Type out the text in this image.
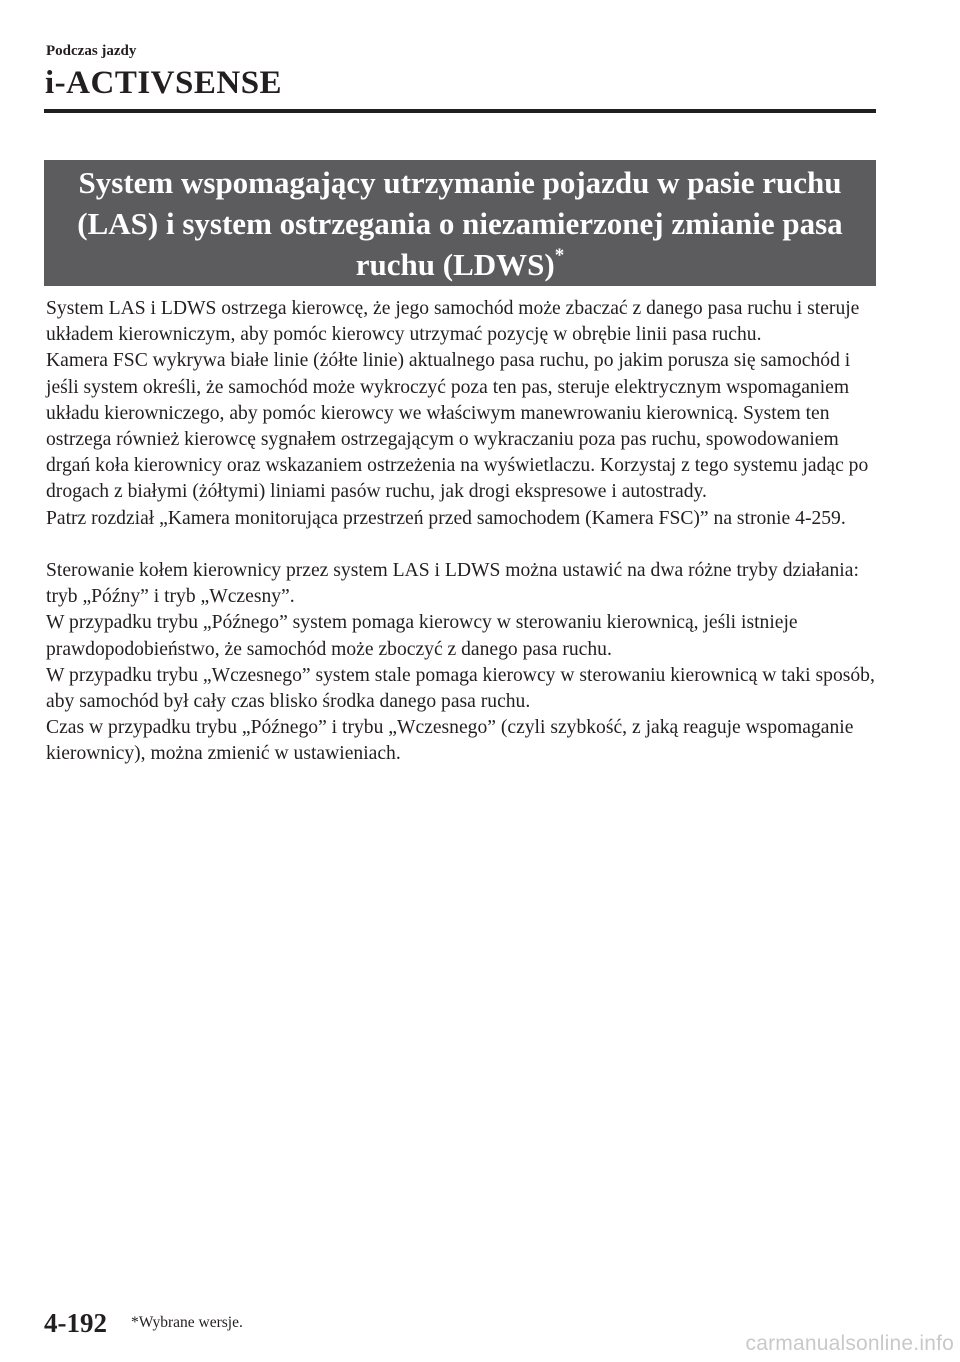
Podczas jazdy
i-ACTIVSENSE
System wspomagający utrzymanie pojazdu w pasie ruchu
(LAS) i system ostrzegania o niezamierzonej zmianie pasa
ruchu (LDWS)*

System LAS i LDWS ostrzega kierowcę, że jego samochód może zbaczać z danego pasa ruchu i steruje układem kierowniczym, aby pomóc kierowcy utrzymać pozycję w obrębie linii pasa ruchu.

Kamera FSC wykrywa białe linie (żółte linie) aktualnego pasa ruchu, po jakim porusza się samochód i jeśli system określi, że samochód może wykroczyć poza ten pas, steruje elektrycznym wspomaganiem układu kierowniczego, aby pomóc kierowcy we właściwym manewrowaniu kierownicą. System ten ostrzega również kierowcę sygnałem ostrzegającym o wykraczaniu poza pas ruchu, spowodowaniem drgań koła kierownicy oraz wskazaniem ostrzeżenia na wyświetlaczu. Korzystaj z tego systemu jadąc po drogach z białymi (żółtymi) liniami pasów ruchu, jak drogi ekspresowe i autostrady.

Patrz rozdział „Kamera monitorująca przestrzeń przed samochodem (Kamera FSC)” na stronie 4-259.

Sterowanie kołem kierownicy przez system LAS i LDWS można ustawić na dwa różne tryby działania: tryb „Późny” i tryb „Wczesny”.

W przypadku trybu „Późnego” system pomaga kierowcy w sterowaniu kierownicą, jeśli istnieje prawdopodobieństwo, że samochód może zboczyć z danego pasa ruchu.

W przypadku trybu „Wczesnego” system stale pomaga kierowcy w sterowaniu kierownicą w taki sposób, aby samochód był cały czas blisko środka danego pasa ruchu.

Czas w przypadku trybu „Późnego” i trybu „Wczesnego” (czyli szybkość, z jaką reaguje wspomaganie kierownicy), można zmienić w ustawieniach.

4-192 *Wybrane wersje.
carmanualsonline.info
